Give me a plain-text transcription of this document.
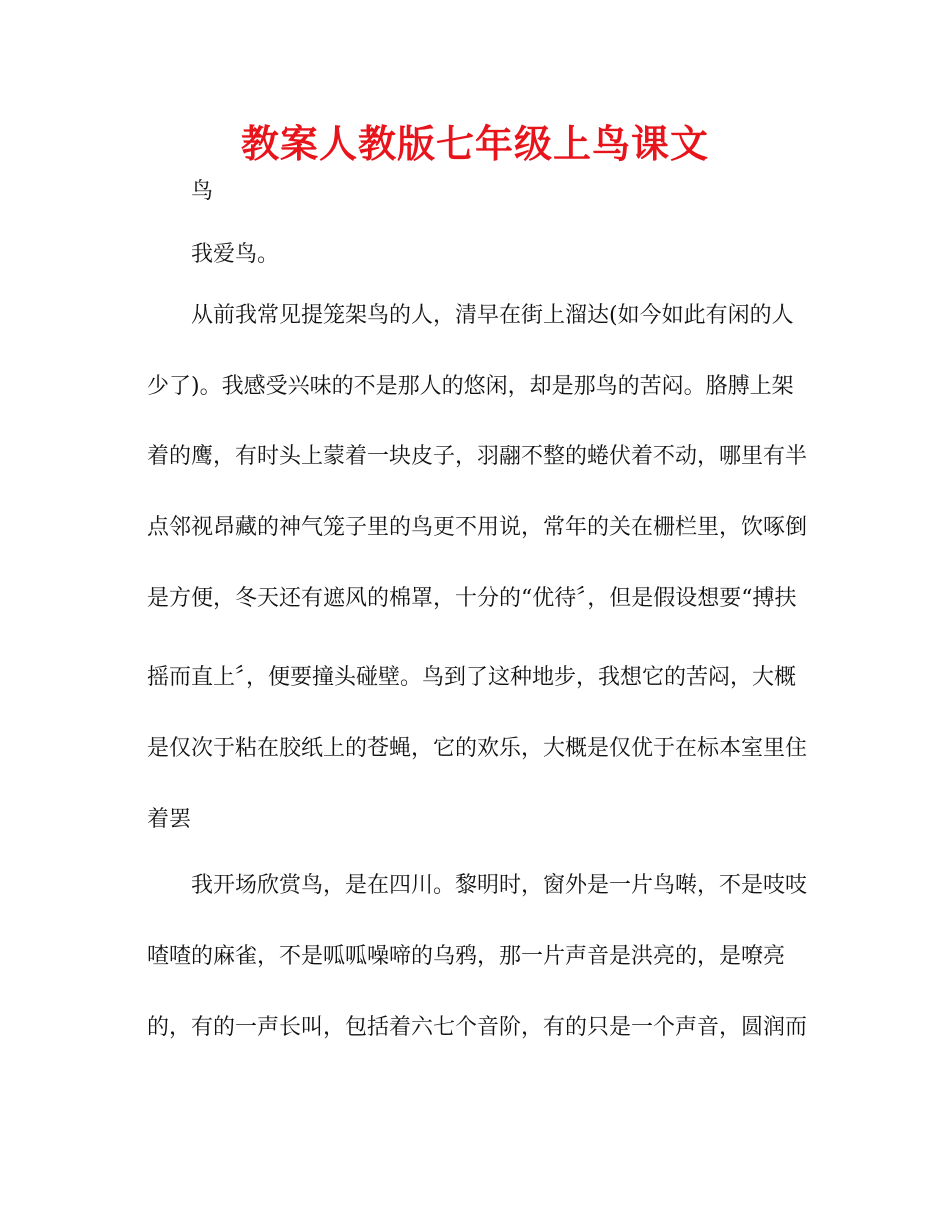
教案人教版七年级上鸟课文
鸟
我爱鸟。
从前我常见提笼架鸟的人，清早在街上溜达(如今如此有闲的人
少了)。我感受兴味的不是那人的悠闲，却是那鸟的苦闷。胳膊上架
着的鹰，有时头上蒙着一块皮子，羽翮不整的蜷伏着不动，哪里有半
点邻视昂藏的神气笼子里的鸟更不用说，常年的关在栅栏里，饮啄倒
是方便，冬天还有遮风的棉罩，十分的“优待〞，但是假设想要“搏扶
摇而直上〞，便要撞头碰壁。鸟到了这种地步，我想它的苦闷，大概
是仅次于粘在胶纸上的苍蝇，它的欢乐，大概是仅优于在标本室里住
着罢
我开场欣赏鸟，是在四川。黎明时，窗外是一片鸟啭，不是吱吱
喳喳的麻雀，不是呱呱噪啼的乌鸦，那一片声音是洪亮的，是嘹亮
的，有的一声长叫，包括着六七个音阶，有的只是一个声音，圆润而
